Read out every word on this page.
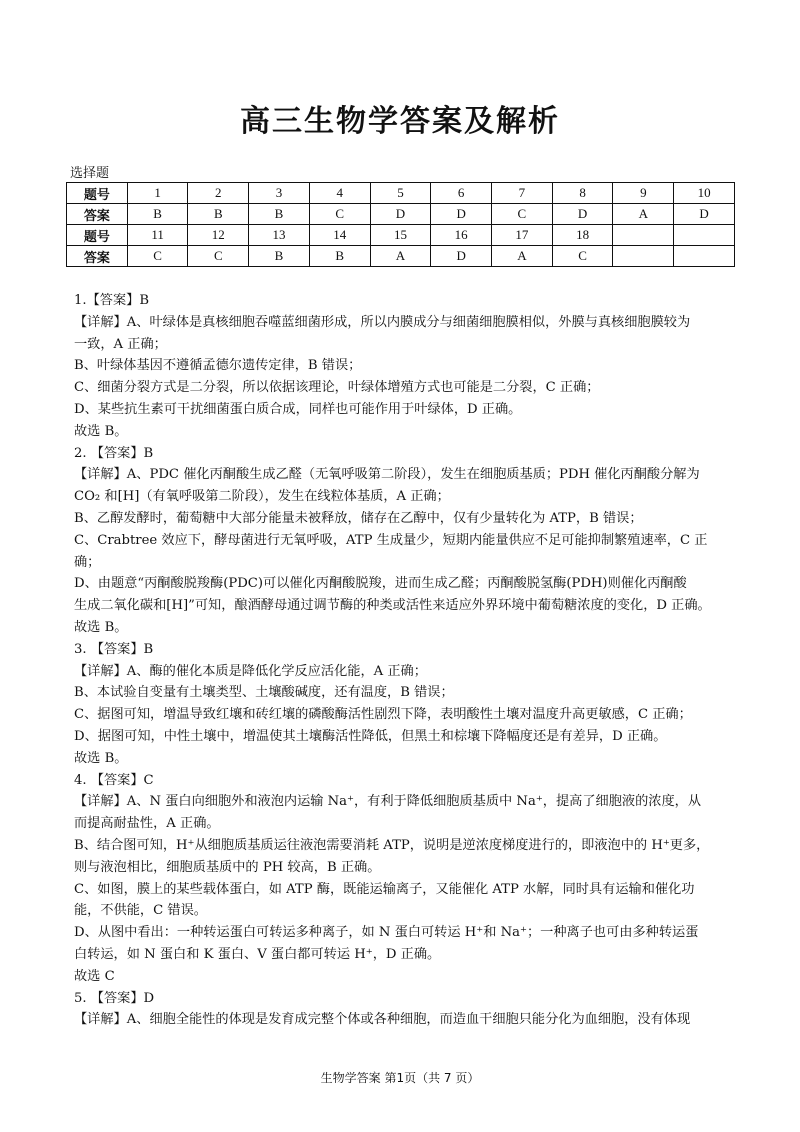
高三生物学答案及解析
选择题
题号	1	2	3	4	5	6	7	8	9	10
答案	B	B	B	C	D	D	C	D	A	D
题号	11	12	13	14	15	16	17	18		
答案	C	C	B	B	A	D	A	C		

1.【答案】B

【详解】A、叶绿体是真核细胞吞噬蓝细菌形成，所以内膜成分与细菌细胞膜相似，外膜与真核细胞膜较为

一致，A 正确；

B、叶绿体基因不遵循孟德尔遗传定律，B 错误；

C、细菌分裂方式是二分裂，所以依据该理论，叶绿体增殖方式也可能是二分裂，C 正确；

D、某些抗生素可干扰细菌蛋白质合成，同样也可能作用于叶绿体，D 正确。

故选 B。

2. 【答案】B

【详解】A、PDC 催化丙酮酸生成乙醛（无氧呼吸第二阶段），发生在细胞质基质；PDH 催化丙酮酸分解为

CO₂ 和[H]（有氧呼吸第二阶段），发生在线粒体基质，A 正确；

B、乙醇发酵时，葡萄糖中大部分能量未被释放，储存在乙醇中，仅有少量转化为 ATP，B 错误；

C、Crabtree 效应下，酵母菌进行无氧呼吸，ATP 生成量少，短期内能量供应不足可能抑制繁殖速率，C 正

确；

D、由题意“丙酮酸脱羧酶(PDC)可以催化丙酮酸脱羧，进而生成乙醛；丙酮酸脱氢酶(PDH)则催化丙酮酸

生成二氧化碳和[H]”可知，酿酒酵母通过调节酶的种类或活性来适应外界环境中葡萄糖浓度的变化，D 正确。

故选 B。

3. 【答案】B

【详解】A、酶的催化本质是降低化学反应活化能，A 正确；

B、本试验自变量有土壤类型、土壤酸碱度，还有温度，B 错误；

C、据图可知，增温导致红壤和砖红壤的磷酸酶活性剧烈下降，表明酸性土壤对温度升高更敏感，C 正确；

D、据图可知，中性土壤中，增温使其土壤酶活性降低，但黑土和棕壤下降幅度还是有差异，D 正确。

故选 B。

4. 【答案】C

【详解】A、N 蛋白向细胞外和液泡内运输 Na⁺，有利于降低细胞质基质中 Na⁺，提高了细胞液的浓度，从

而提高耐盐性，A 正确。

B、结合图可知，H⁺从细胞质基质运往液泡需要消耗 ATP，说明是逆浓度梯度进行的，即液泡中的 H⁺更多，

则与液泡相比，细胞质基质中的 PH 较高，B 正确。

C、如图，膜上的某些载体蛋白，如 ATP 酶，既能运输离子，又能催化 ATP 水解，同时具有运输和催化功

能，不供能，C 错误。

D、从图中看出：一种转运蛋白可转运多种离子，如 N 蛋白可转运 H⁺和 Na⁺；一种离子也可由多种转运蛋

白转运，如 N 蛋白和 K 蛋白、V 蛋白都可转运 H⁺，D 正确。

故选 C

5. 【答案】D

【详解】A、细胞全能性的体现是发育成完整个体或各种细胞，而造血干细胞只能分化为血细胞，没有体现

生物学答案 第1页（共 7 页）
